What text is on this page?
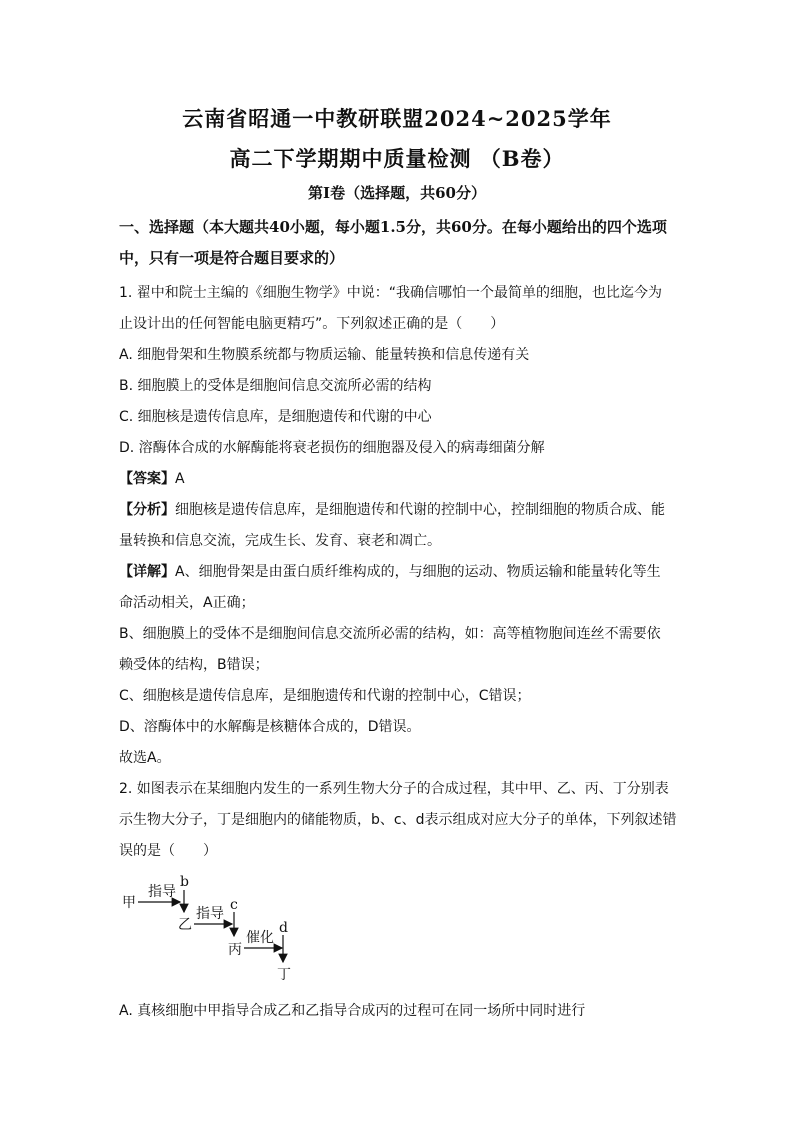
云南省昭通一中教研联盟2024~2025学年
高二下学期期中质量检测 （B卷）
第Ⅰ卷（选择题，共60分）
一、选择题（本大题共40小题，每小题1.5分，共60分。在每小题给出的四个选项中，只有一项是符合题目要求的）
1. 翟中和院士主编的《细胞生物学》中说：“我确信哪怕一个最简单的细胞，也比迄今为
止设计出的任何智能电脑更精巧”。下列叙述正确的是（　　）
A. 细胞骨架和生物膜系统都与物质运输、能量转换和信息传递有关
B. 细胞膜上的受体是细胞间信息交流所必需的结构
C. 细胞核是遗传信息库，是细胞遗传和代谢的中心
D. 溶酶体合成的水解酶能将衰老损伤的细胞器及侵入的病毒细菌分解
【答案】A
【分析】细胞核是遗传信息库，是细胞遗传和代谢的控制中心，控制细胞的物质合成、能
量转换和信息交流，完成生长、发育、衰老和凋亡。
【详解】A、细胞骨架是由蛋白质纤维构成的，与细胞的运动、物质运输和能量转化等生
命活动相关，A正确；
B、细胞膜上的受体不是细胞间信息交流所必需的结构，如：高等植物胞间连丝不需要依
赖受体的结构，B错误；
C、细胞核是遗传信息库，是细胞遗传和代谢的控制中心，C错误；
D、溶酶体中的水解酶是核糖体合成的，D错误。
故选A。
2. 如图表示在某细胞内发生的一系列生物大分子的合成过程，其中甲、乙、丙、丁分别表
示生物大分子，丁是细胞内的储能物质，b、c、d表示组成对应大分子的单体，下列叙述错
误的是（　　）
甲
指导
b
乙
指导
c
丙
催化
d
丁
A. 真核细胞中甲指导合成乙和乙指导合成丙的过程可在同一场所中同时进行
